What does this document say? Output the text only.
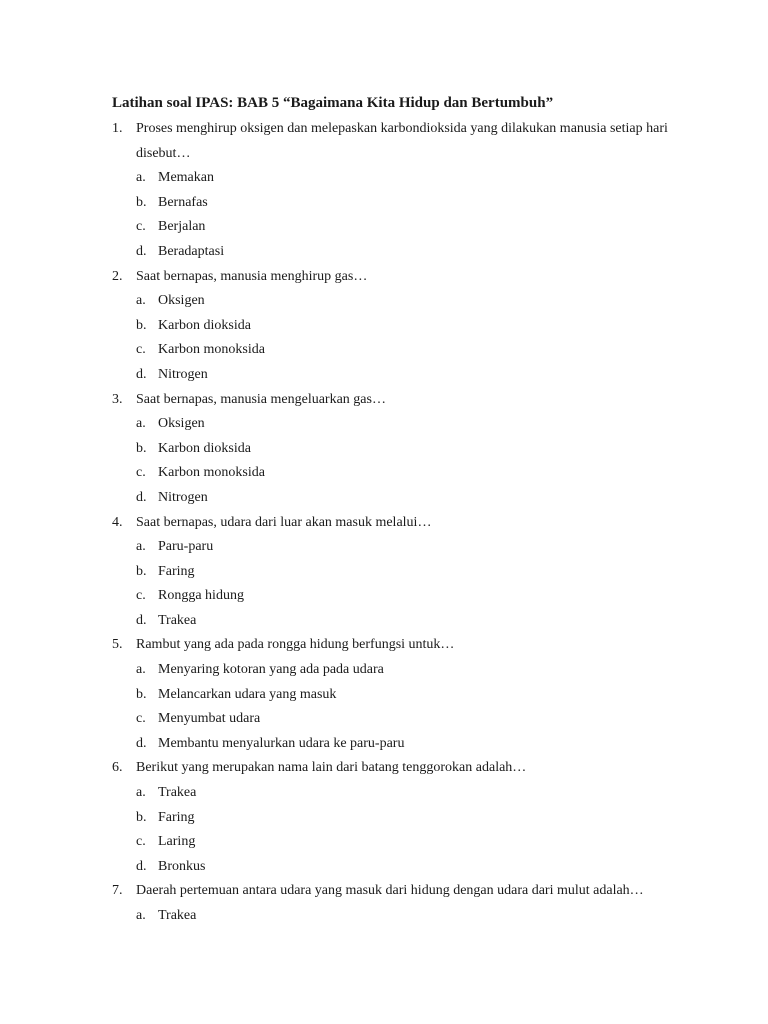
Latihan soal IPAS: BAB 5 “Bagaimana Kita Hidup dan Bertumbuh”
1. Proses menghirup oksigen dan melepaskan karbondioksida yang dilakukan manusia setiap hari disebut…
a. Memakan
b. Bernafas
c. Berjalan
d. Beradaptasi
2. Saat bernapas, manusia menghirup gas…
a. Oksigen
b. Karbon dioksida
c. Karbon monoksida
d. Nitrogen
3. Saat bernapas, manusia mengeluarkan gas…
a. Oksigen
b. Karbon dioksida
c. Karbon monoksida
d. Nitrogen
4. Saat bernapas, udara dari luar akan masuk melalui…
a. Paru-paru
b. Faring
c. Rongga hidung
d. Trakea
5. Rambut yang ada pada rongga hidung berfungsi untuk…
a. Menyaring kotoran yang ada pada udara
b. Melancarkan udara yang masuk
c. Menyumbat udara
d. Membantu menyalurkan udara ke paru-paru
6. Berikut yang merupakan nama lain dari batang tenggorokan adalah…
a. Trakea
b. Faring
c. Laring
d. Bronkus
7. Daerah pertemuan antara udara yang masuk dari hidung dengan udara dari mulut adalah…
a. Trakea
